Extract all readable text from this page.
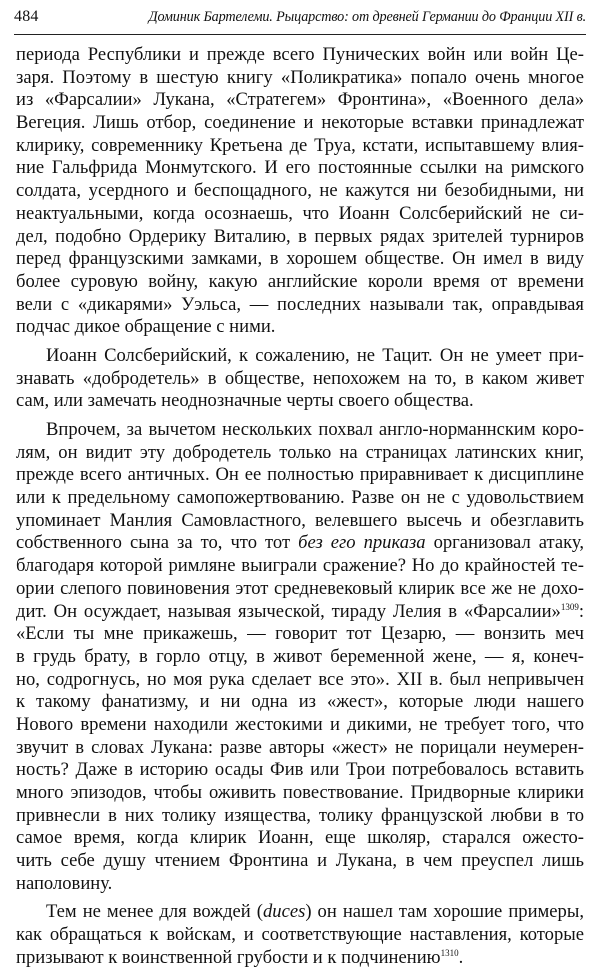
484	Доминик Бартелеми. Рыцарство: от древней Германии до Франции XII в.
периода Республики и прежде всего Пунических войн или войн Це-
заря. Поэтому в шестую книгу «Поликратика» попало очень многое
из «Фарсалии» Лукана, «Стратегем» Фронтина», «Военного дела»
Вегеция. Лишь отбор, соединение и некоторые вставки принадлежат
клирику, современнику Кретьена де Труа, кстати, испытавшему влия-
ние Гальфрида Монмутского. И его постоянные ссылки на римского
солдата, усердного и беспощадного, не кажутся ни безобидными, ни
неактуальными, когда осознаешь, что Иоанн Солсберийский не си-
дел, подобно Ордерику Виталию, в первых рядах зрителей турниров
перед французскими замками, в хорошем обществе. Он имел в виду
более суровую войну, какую английские короли время от времени
вели с «дикарями» Уэльса, — последних называли так, оправдывая
подчас дикое обращение с ними.
Иоанн Солсберийский, к сожалению, не Тацит. Он не умеет при-
знавать «добродетель» в обществе, непохожем на то, в каком живет
сам, или замечать неоднозначные черты своего общества.
Впрочем, за вычетом нескольких похвал англо-норманнским коро-
лям, он видит эту добродетель только на страницах латинских книг,
прежде всего античных. Он ее полностью приравнивает к дисциплине
или к предельному самопожертвованию. Разве он не с удовольствием
упоминает Манлия Самовластного, велевшего высечь и обезглавить
собственного сына за то, что тот без его приказа организовал атаку,
благодаря которой римляне выиграли сражение? Но до крайностей те-
ории слепого повиновения этот средневековый клирик все же не дохо-
дит. Он осуждает, называя языческой, тираду Лелия в «Фарсалии»$^{1309}$:
«Если ты мне прикажешь, — говорит тот Цезарю, — вонзить меч
в грудь брату, в горло отцу, в живот беременной жене, — я, конеч-
но, содрогнусь, но моя рука сделает все это». XII в. был непривычен
к такому фанатизму, и ни одна из «жест», которые люди нашего
Нового времени находили жестокими и дикими, не требует того, что
звучит в словах Лукана: разве авторы «жест» не порицали неумерен-
ность? Даже в историю осады Фив или Трои потребовалось вставить
много эпизодов, чтобы оживить повествование. Придворные клирики
привнесли в них толику изящества, толику французской любви в то
самое время, когда клирик Иоанн, еще школяр, старался ожесто-
чить себе душу чтением Фронтина и Лукана, в чем преуспел лишь
наполовину.
Тем не менее для вождей (duces) он нашел там хорошие примеры,
как обращаться к войскам, и соответствующие наставления, которые
призывают к воинственной грубости и к подчинению$^{1310}$.
